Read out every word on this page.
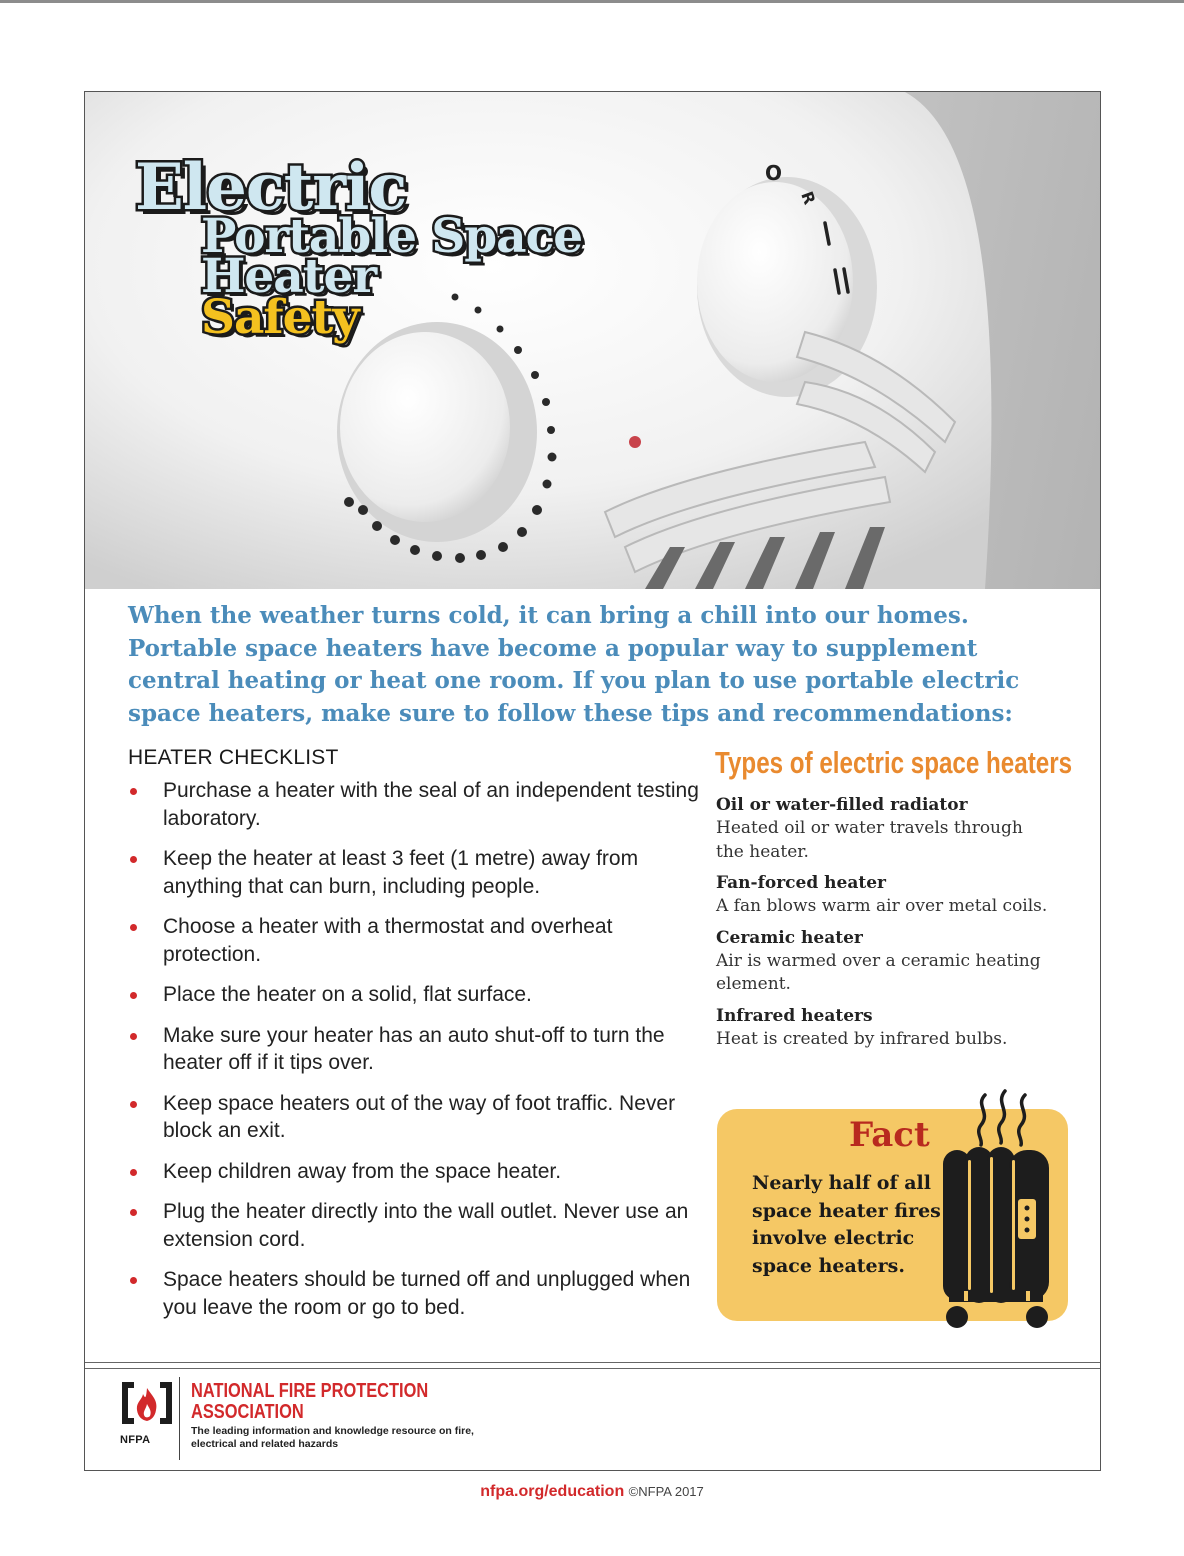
O
R
Electric
Portable Space
Heater
Safety

When the weather turns cold, it can bring a chill into our homes. Portable space heaters have become a popular way to supplement central heating or heat one room. If you plan to use portable electric space heaters, make sure to follow these tips and recommendations:

HEATER CHECKLIST
Purchase a heater with the seal of an independent testing laboratory.
Keep the heater at least 3 feet (1 metre) away from anything that can burn, including people.
Choose a heater with a thermostat and overheat protection.
Place the heater on a solid, flat surface.
Make sure your heater has an auto shut-off to turn the heater off if it tips over.
Keep space heaters out of the way of foot traffic. Never block an exit.
Keep children away from the space heater.
Plug the heater directly into the wall outlet. Never use an extension cord.
Space heaters should be turned off and unplugged when you leave the room or go to bed.
Types of electric space heaters
Oil or water-filled radiator
Heated oil or water travels through the heater.
Fan-forced heater
A fan blows warm air over metal coils.
Ceramic heater
Air is warmed over a ceramic heating element.
Infrared heaters
Heat is created by infrared bulbs.
Fact

Nearly half of all space heater fires involve electric space heaters.

NFPA

NATIONAL FIRE PROTECTION ASSOCIATION

The leading information and knowledge resource on fire, electrical and related hazards

nfpa.org/education ©NFPA 2017
